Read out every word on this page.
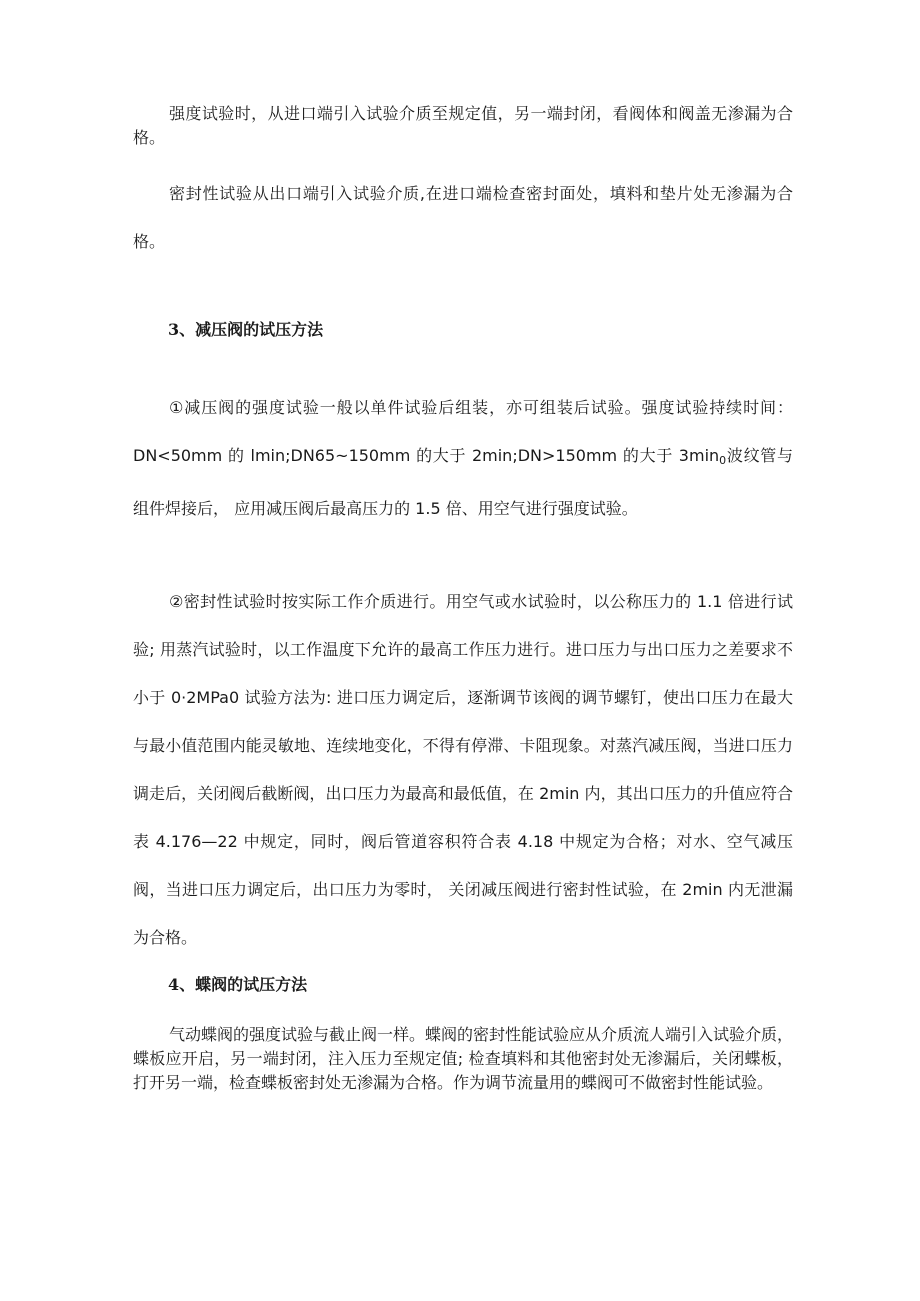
强度试验时，从进口端引入试验介质至规定值，另一端封闭，看阀体和阀盖无渗漏为合格。

密封性试验从出口端引入试验介质,在进口端检查密封面处，填料和垫片处无渗漏为合格。

3、减压阀的试压方法

①减压阀的强度试验一般以单件试验后组装，亦可组装后试验。强度试验持续时间：DN<50mm 的 lmin;DN65~150mm 的大于 2min;DN>150mm 的大于 $3\min_0$波纹管与组件焊接后， 应用减压阀后最高压力的 1.5 倍、用空气进行强度试验。

②密封性试验时按实际工作介质进行。用空气或水试验时，以公称压力的 1.1 倍进行试验; 用蒸汽试验时，以工作温度下允许的最高工作压力进行。进口压力与出口压力之差要求不小于 0·2MPa0 试验方法为: 进口压力调定后，逐渐调节该阀的调节螺钉，使出口压力在最大与最小值范围内能灵敏地、连续地变化，不得有停滞、卡阻现象。对蒸汽减压阀，当进口压力调走后，关闭阀后截断阀，出口压力为最高和最低值，在 2min 内，其出口压力的升值应符合表 4.176—22 中规定，同时，阀后管道容积符合表 4.18 中规定为合格；对水、空气减压阀，当进口压力调定后，出口压力为零时， 关闭减压阀进行密封性试验，在 2min 内无泄漏为合格。

4、蝶阀的试压方法

气动蝶阀的强度试验与截止阀一样。蝶阀的密封性能试验应从介质流人端引入试验介质，蝶板应开启，另一端封闭，注入压力至规定值; 检查填料和其他密封处无渗漏后，关闭蝶板，打开另一端，检查蝶板密封处无渗漏为合格。作为调节流量用的蝶阀可不做密封性能试验。
